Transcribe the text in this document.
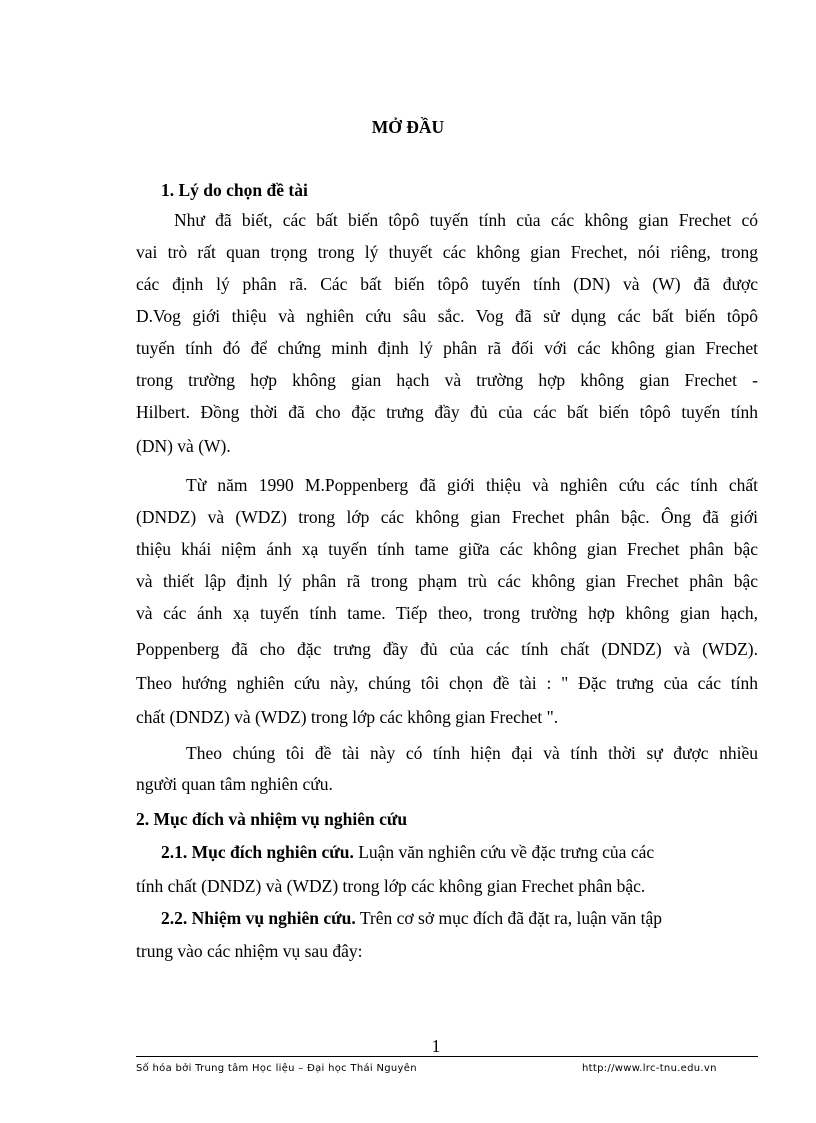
MỞ ĐẦU
1. Lý do chọn đề tài
Như đã biết, các bất biến tôpô tuyến tính của các không gian Frechet có
vai trò rất quan trọng trong lý thuyết các không gian Frechet, nói riêng, trong
các định lý phân rã. Các bất biến tôpô tuyến tính (DN) và (W) đã được
D.Vog giới thiệu và nghiên cứu sâu sắc. Vog đã sử dụng các bất biến tôpô
tuyến tính đó để chứng minh định lý phân rã đối với các không gian Frechet
trong trường hợp không gian hạch và trường hợp không gian Frechet -
Hilbert. Đồng thời đã cho đặc trưng đầy đủ của các bất biến tôpô tuyến tính
(DN) và (W).
Từ năm 1990 M.Poppenberg đã giới thiệu và nghiên cứu các tính chất
(DNDZ) và (WDZ) trong lớp các không gian Frechet phân bậc. Ông đã giới
thiệu khái niệm ánh xạ tuyến tính tame giữa các không gian Frechet phân bậc
và thiết lập định lý phân rã trong phạm trù các không gian Frechet phân bậc
và các ánh xạ tuyến tính tame. Tiếp theo, trong trường hợp không gian hạch,
Poppenberg đã cho đặc trưng đầy đủ của các tính chất (DNDZ) và (WDZ).
Theo hướng nghiên cứu này, chúng tôi chọn đề tài : " Đặc trưng của các tính
chất (DNDZ) và (WDZ) trong lớp các không gian Frechet ".
Theo chúng tôi đề tài này có tính hiện đại và tính thời sự được nhiều
người quan tâm nghiên cứu.
2. Mục đích và nhiệm vụ nghiên cứu
2.1. Mục đích nghiên cứu. Luận văn nghiên cứu về đặc trưng của các
tính chất (DNDZ) và (WDZ) trong lớp các không gian Frechet phân bậc.
2.2. Nhiệm vụ nghiên cứu. Trên cơ sở mục đích đã đặt ra, luận văn tập
trung vào các nhiệm vụ sau đây:
1
Số hóa bởi Trung tâm Học liệu – Đại học Thái Nguyên	http://www.lrc-tnu.edu.vn
